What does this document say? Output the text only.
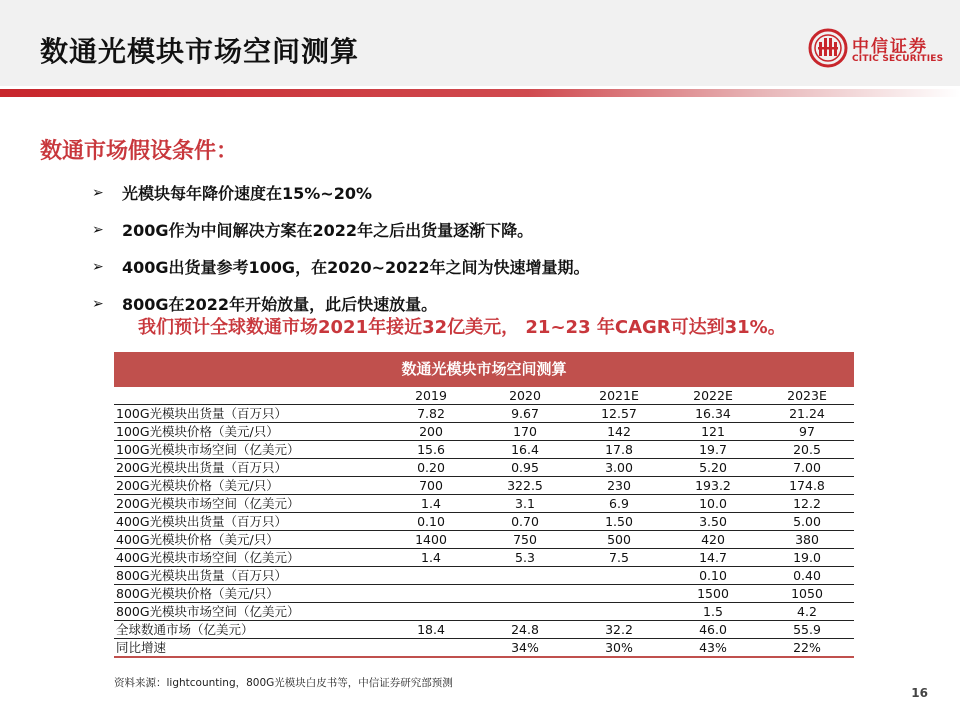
数通光模块市场空间测算	中信证券
CITIC SECURITIES
数通市场假设条件：
➢	光模块每年降价速度在15%~20%
➢	200G作为中间解决方案在2022年之后出货量逐渐下降。
➢	400G出货量参考100G，在2020~2022年之间为快速增量期。
➢	800G在2022年开始放量，此后快速放量。
我们预计全球数通市场2021年接近32亿美元， 21~23 年CAGR可达到31%。
数通光模块市场空间测算
	2019	2020	2021E	2022E	2023E
100G光模块出货量（百万只）	7.82	9.67	12.57	16.34	21.24
100G光模块价格（美元/只）	200	170	142	121	97
100G光模块市场空间（亿美元）	15.6	16.4	17.8	19.7	20.5
200G光模块出货量（百万只）	0.20	0.95	3.00	5.20	7.00
200G光模块价格（美元/只）	700	322.5	230	193.2	174.8
200G光模块市场空间（亿美元）	1.4	3.1	6.9	10.0	12.2
400G光模块出货量（百万只）	0.10	0.70	1.50	3.50	5.00
400G光模块价格（美元/只）	1400	750	500	420	380
400G光模块市场空间（亿美元）	1.4	5.3	7.5	14.7	19.0
800G光模块出货量（百万只）				0.10	0.40
800G光模块价格（美元/只）				1500	1050
800G光模块市场空间（亿美元）				1.5	4.2
全球数通市场（亿美元）	18.4	24.8	32.2	46.0	55.9
同比增速		34%	30%	43%	22%
资料来源：lightcounting，800G光模块白皮书等，中信证券研究部预测
16
